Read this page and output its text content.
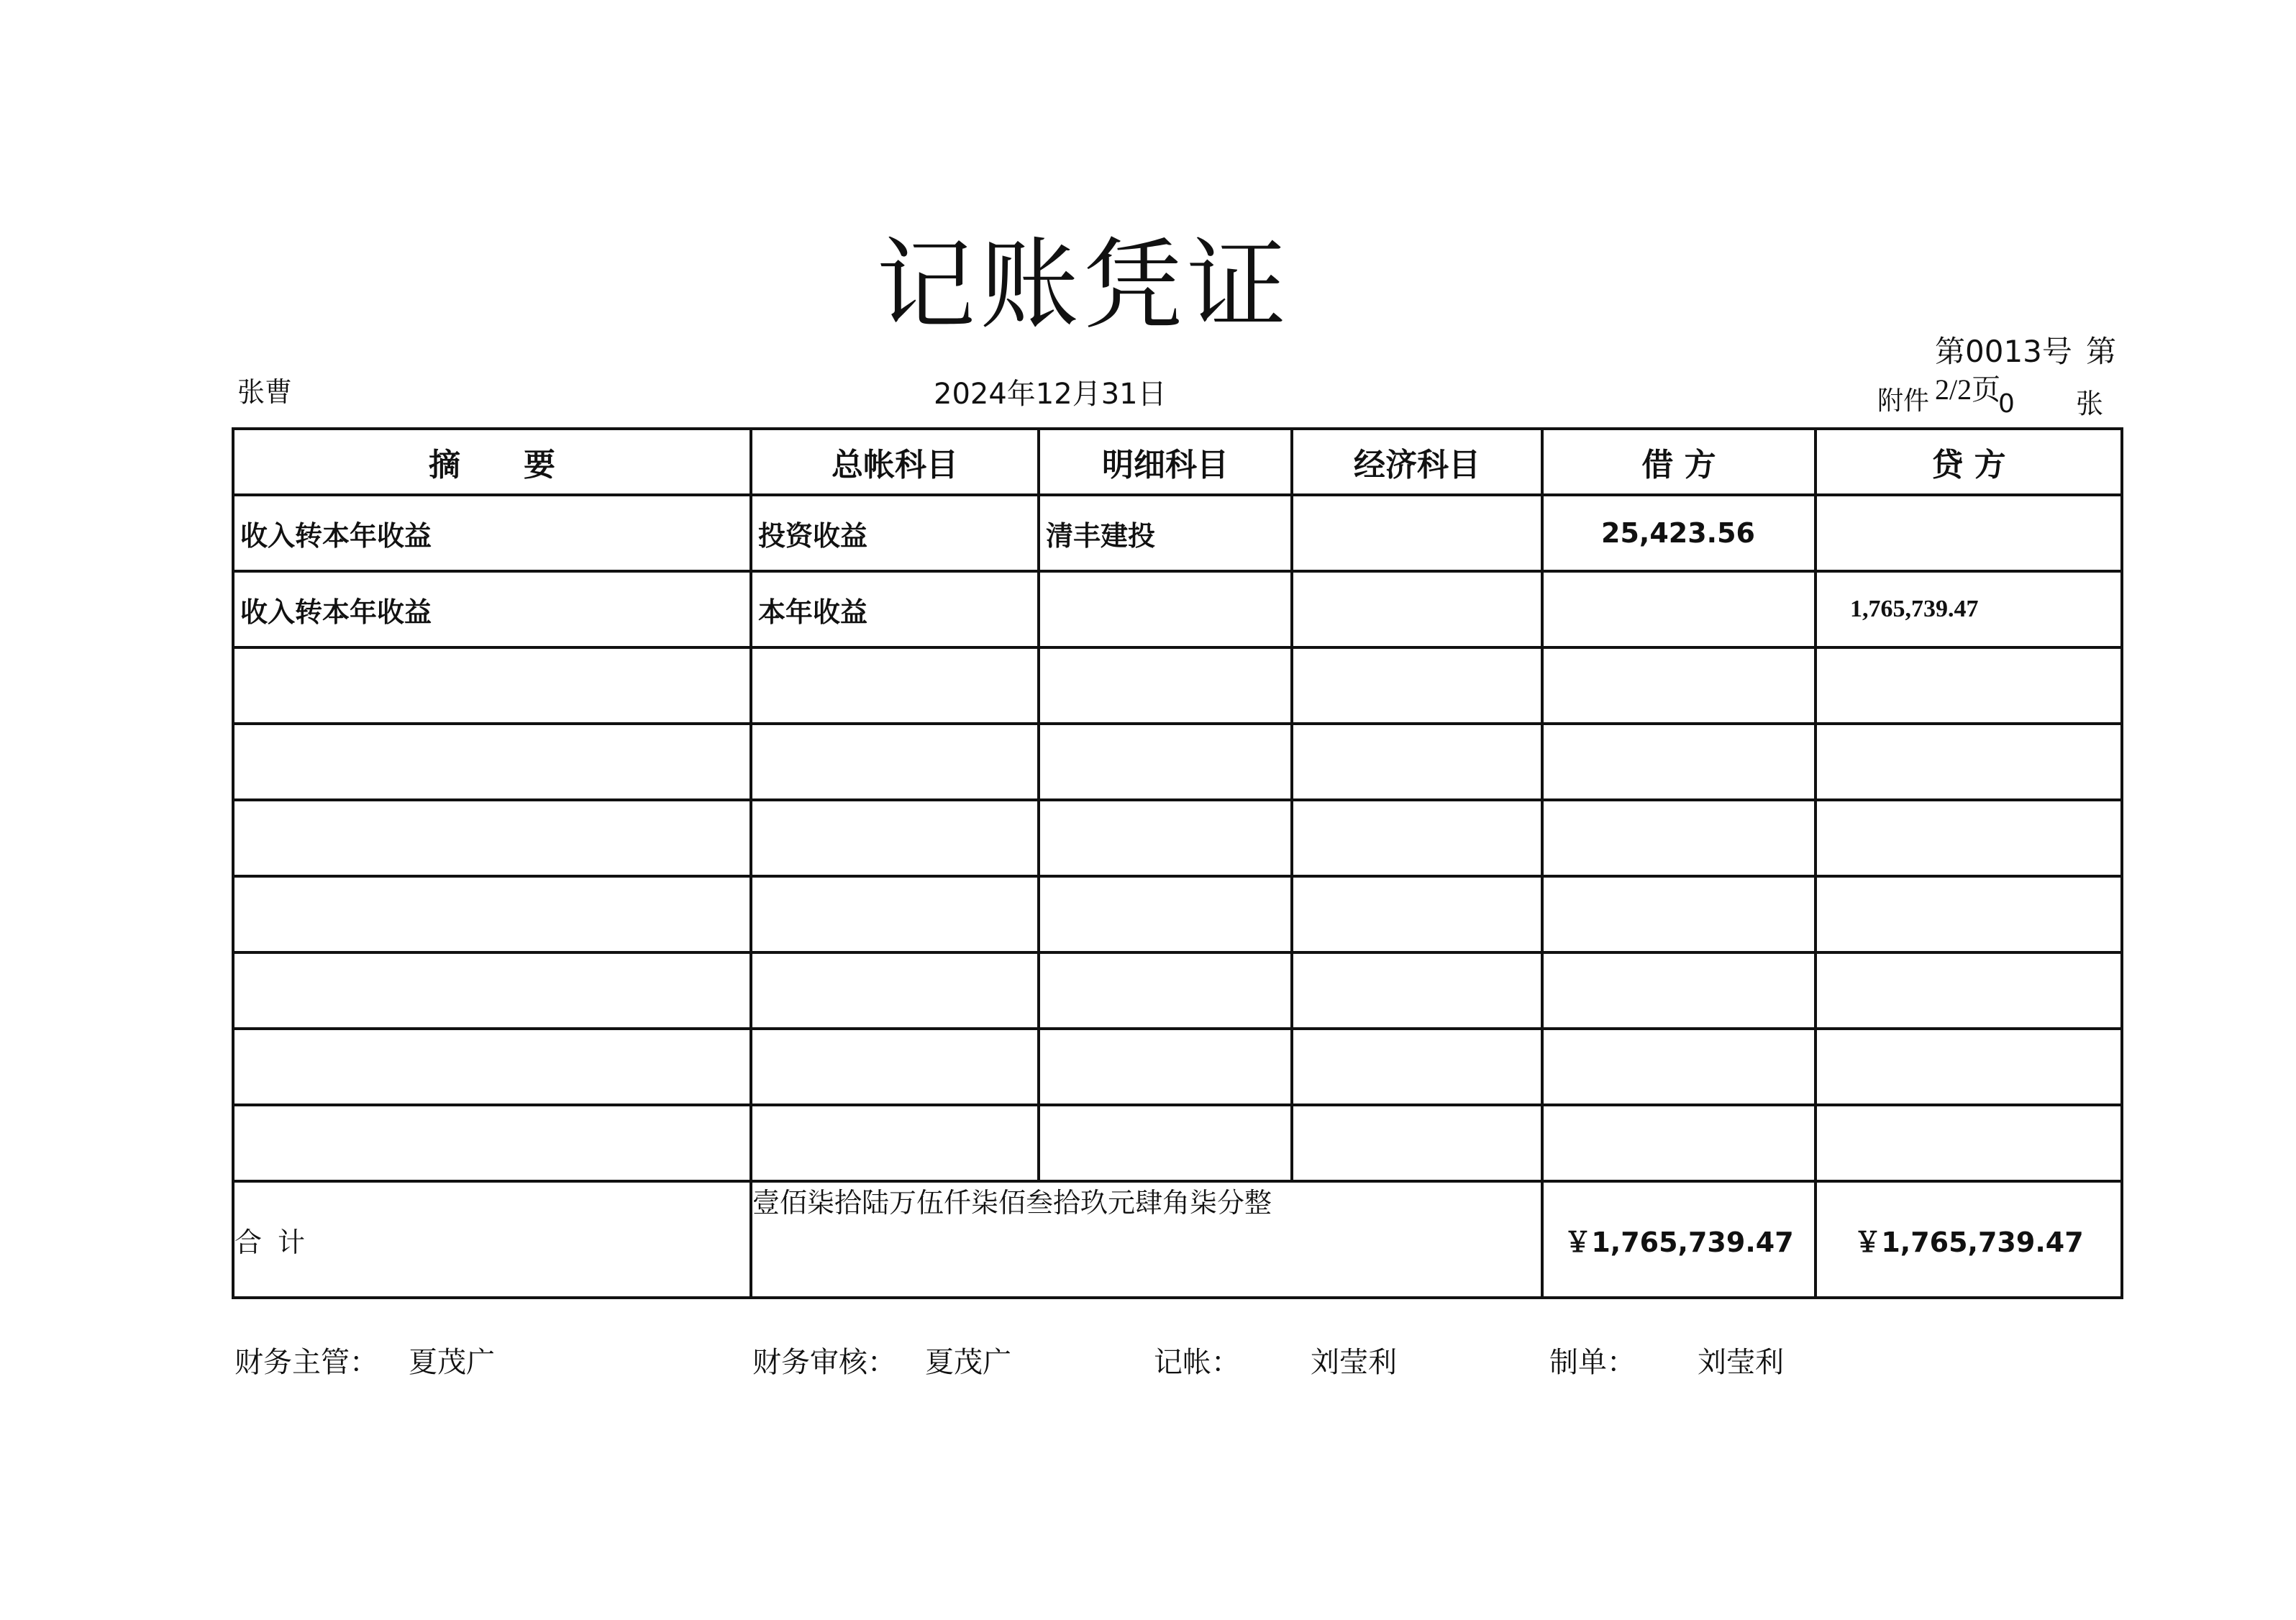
记账凭证
第0013号 第
张曹	2024年12月31日	附件 2/2页
0 张
摘　　要	总帐科目	明细科目	经济科目	借 方	贷 方
收入转本年收益	投资收益	清丰建投		25,423.56	
收入转本年收益	本年收益				1,765,739.47

合计	壹佰柒拾陆万伍仟柒佰叁拾玖元肆角柒分整			￥1,765,739.47	￥1,765,739.47
财务主管： 夏茂广	财务审核： 夏茂广	记帐： 刘莹利	制单： 刘莹利
